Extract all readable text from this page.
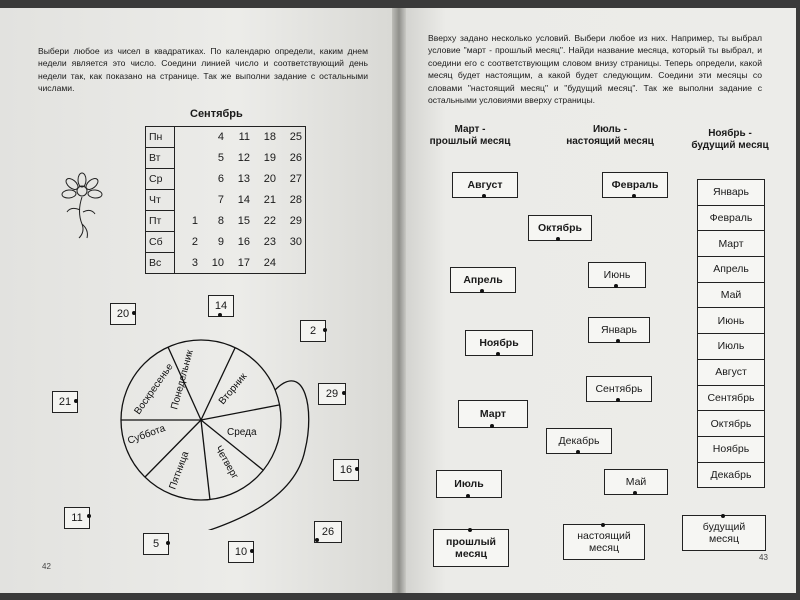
Выбери любое из чисел в квадратиках. По календарю определи, каким днем недели является это число. Соедини линией число и соответствующий день недели так, как показано на странице. Так же выполни задание с остальными числами.
Сентябрь
Пн		4	11	18	25
Вт		5	12	19	26
Ср		6	13	20	27
Чт		7	14	21	28
Пт	1	8	15	22	29
Сб	2	9	16	23	30
Вс	3	10	17	24	
Понедельник Вторник
Среда
Четверг
Пятница
Суббота
Воскресенье
20
14
2
21
29
16
11
26
5
10
42
Вверху задано несколько условий. Выбери любое из них. Например, ты выбрал условие "март - прошлый месяц". Найди название месяца, который ты выбрал, и соедини его с соответствующим словом внизу страницы. Теперь определи, какой месяц будет настоящим, а какой будет следующим. Соедини эти месяцы со словами "настоящий месяц" и "будущий месяц". Так же выполни задание с остальными условиями вверху страницы.
Март -
прошлый месяц
Июль -
настоящий месяц
Ноябрь -
будущий месяц
Август	Февраль
Октябрь
Апрель	Июнь
Ноябрь
Январь
Сентябрь
Март
Декабрь
Июль	Май
Январь
Февраль
Март
Апрель
Май
Июнь
Июль
Август
Сентябрь
Октябрь
Ноябрь
Декабрь
прошлый
месяц
настоящий
месяц
будущий
месяц
43
